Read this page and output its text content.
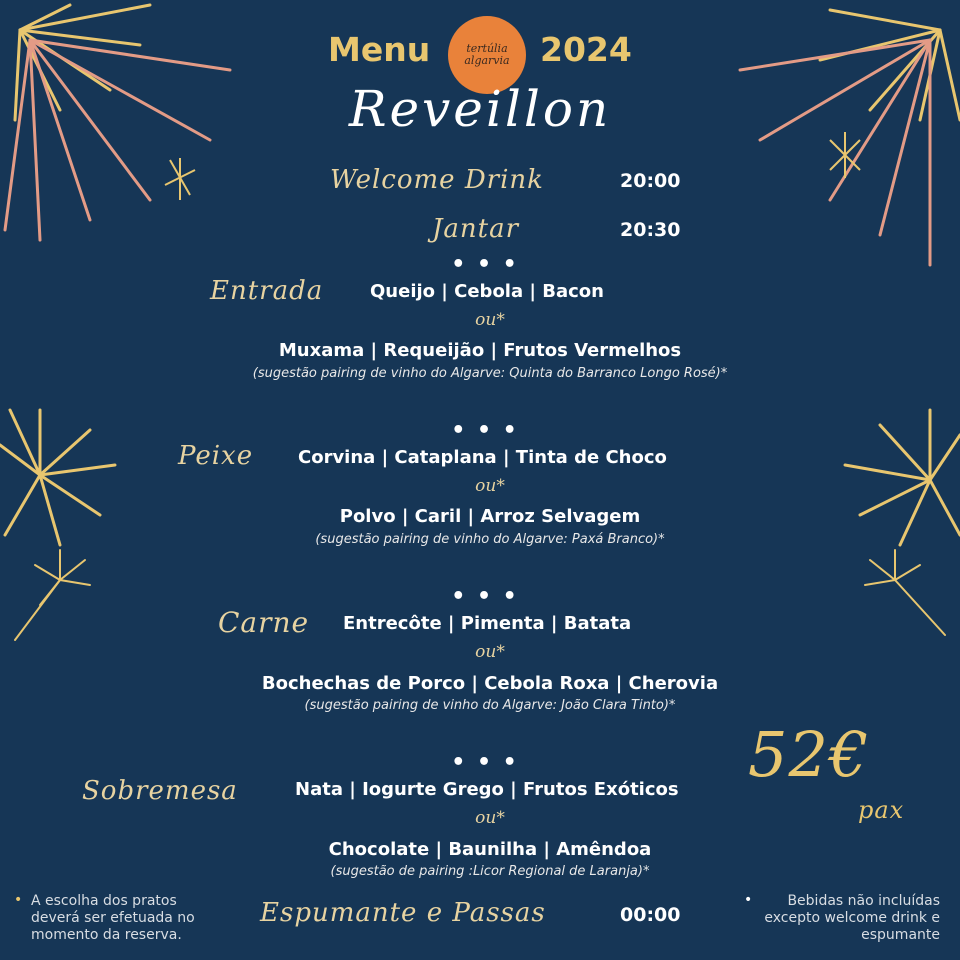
Menu	tertúlia algarvia 2024
Reveillon
Welcome Drink	20:00
Jantar	20:30
• • •
Entrada	Queijo | Cebola | Bacon
ou*
Muxama | Requeijão | Frutos Vermelhos
(sugestão pairing de vinho do Algarve: Quinta do Barranco Longo Rosé)*
• • •
Peixe Corvina | Cataplana | Tinta de Choco
ou*
Polvo | Caril | Arroz Selvagem
(sugestão pairing de vinho do Algarve: Paxá Branco)*
• • •
Carne Entrecôte | Pimenta | Batata
ou*
Bochechas de Porco | Cebola Roxa | Cherovia
(sugestão pairing de vinho do Algarve: João Clara Tinto)*
• • •
Sobremesa	Nata | Iogurte Grego | Frutos Exóticos
ou*
Chocolate | Baunilha | Amêndoa
(sugestão de pairing :Licor Regional de Laranja)*
Espumante e Passas	00:00
52€
pax
• A escolha dos pratos deverá ser efetuada no momento da reserva.
•	Bebidas não incluídas excepto welcome drink e espumante
